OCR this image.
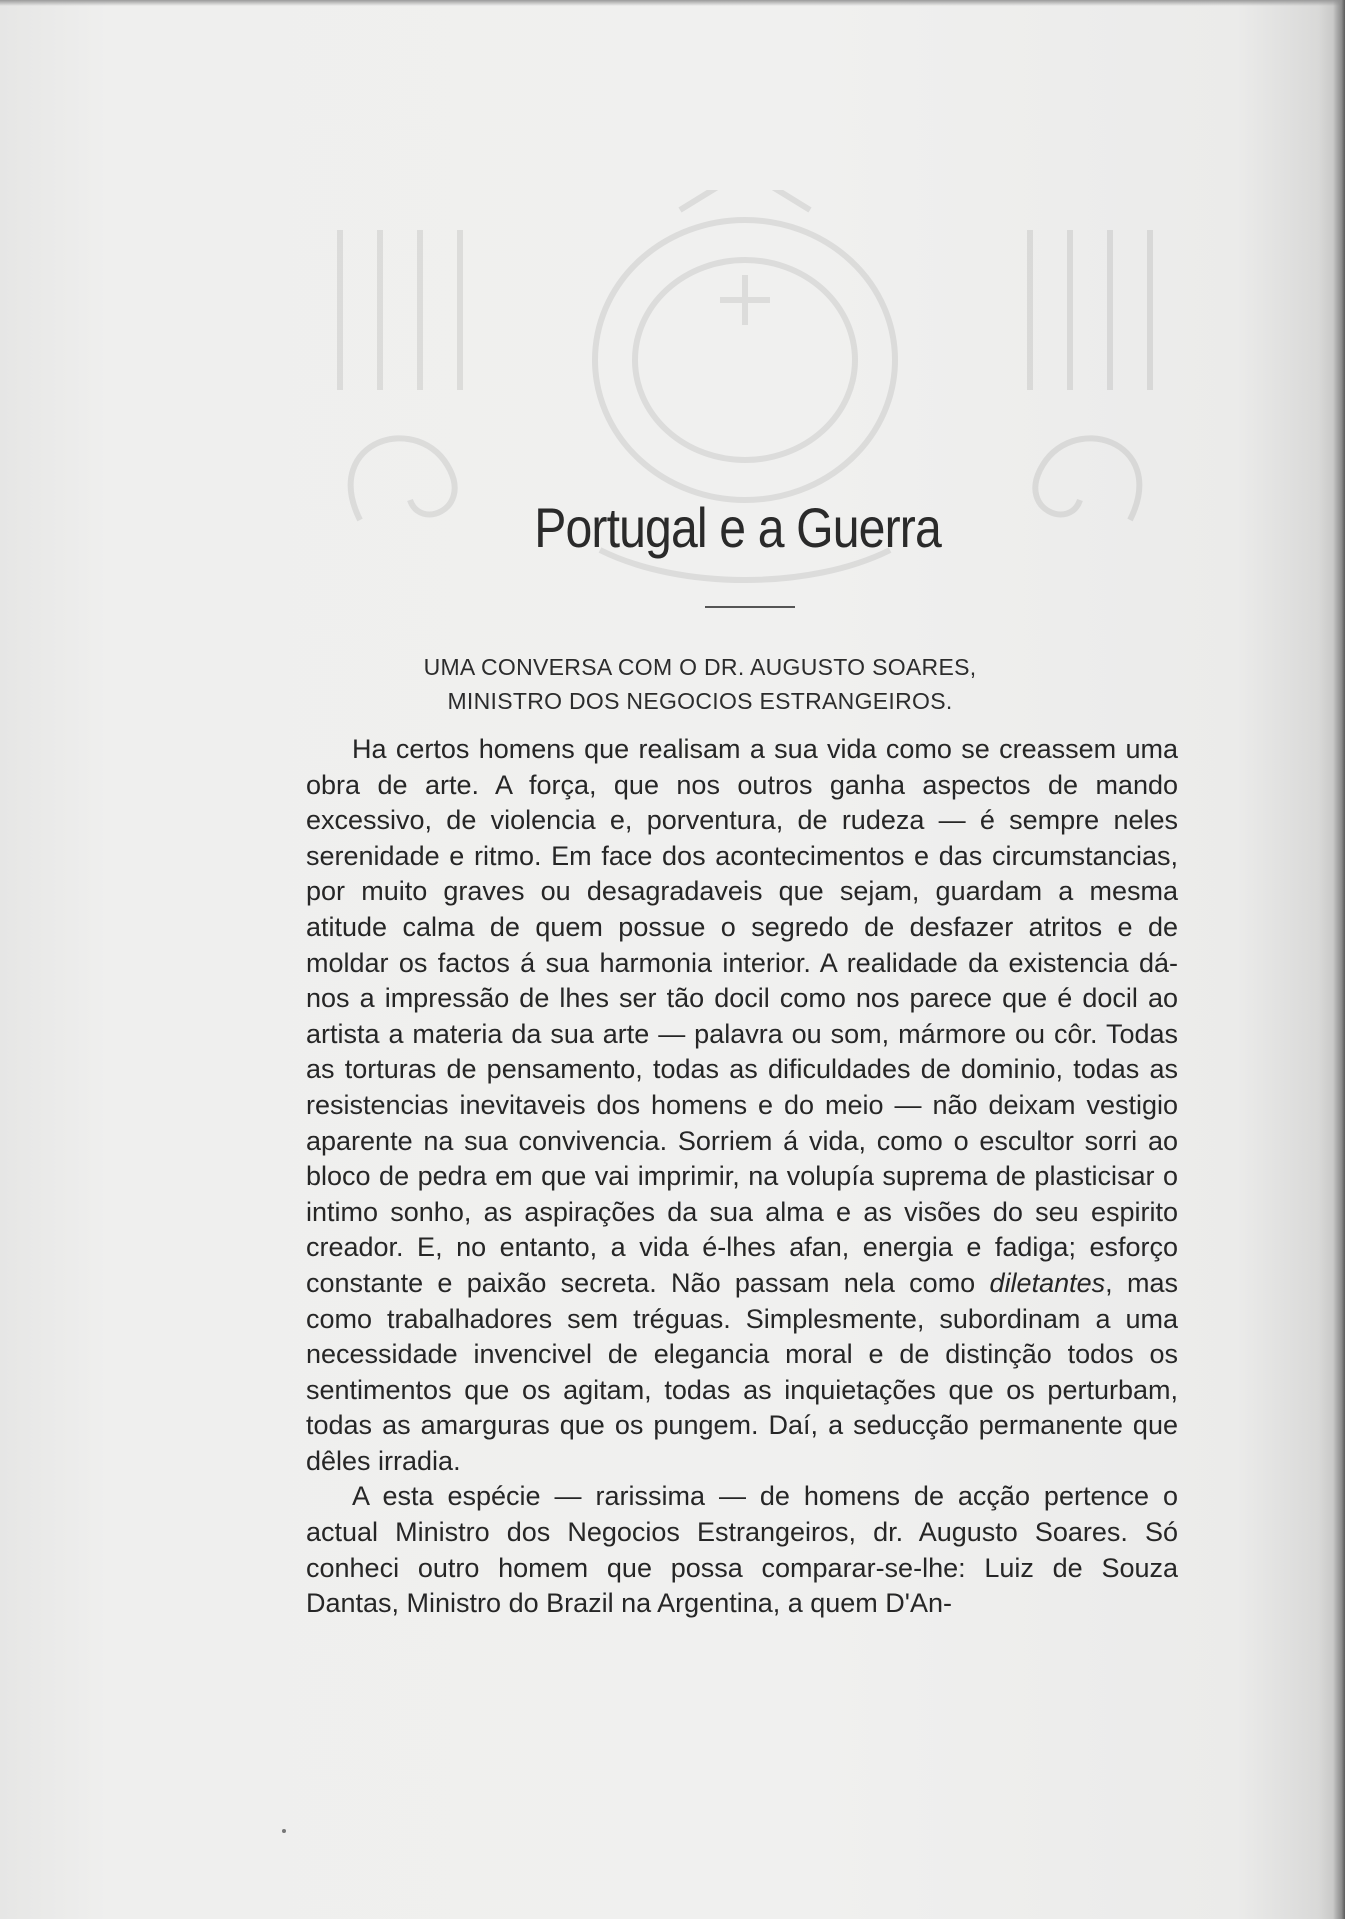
Portugal e a Guerra
UMA CONVERSA COM O DR. AUGUSTO SOARES,
MINISTRO DOS NEGOCIOS ESTRANGEIROS.

Ha certos homens que realisam a sua vida como se creassem uma obra de arte. A força, que nos outros ganha aspectos de mando excessivo, de violencia e, porventura, de rudeza — é sempre neles serenidade e ritmo. Em face dos acontecimentos e das circumstancias, por muito graves ou desagradaveis que sejam, guardam a mesma atitude calma de quem possue o segredo de desfazer atritos e de moldar os factos á sua harmonia interior. A realidade da existencia dá-nos a impressão de lhes ser tão docil como nos parece que é docil ao artista a materia da sua arte — palavra ou som, mármore ou côr. Todas as torturas de pensamento, todas as dificuldades de dominio, todas as resistencias inevitaveis dos homens e do meio — não deixam vestigio aparente na sua convivencia. Sorriem á vida, como o escultor sorri ao bloco de pedra em que vai imprimir, na volupía suprema de plasticisar o intimo sonho, as aspirações da sua alma e as visões do seu espirito creador. E, no entanto, a vida é-lhes afan, energia e fadiga; esforço constante e paixão secreta. Não passam nela como diletantes, mas como trabalhadores sem tréguas. Simplesmente, subordinam a uma necessidade invencivel de elegancia moral e de distinção todos os sentimentos que os agitam, todas as inquietações que os perturbam, todas as amarguras que os pungem. Daí, a seducção permanente que dêles irradia.

A esta espécie — rarissima — de homens de acção pertence o actual Ministro dos Negocios Estrangeiros, dr. Augusto Soares. Só conheci outro homem que possa comparar-se-lhe: Luiz de Souza Dantas, Ministro do Brazil na Argentina, a quem D'An-
